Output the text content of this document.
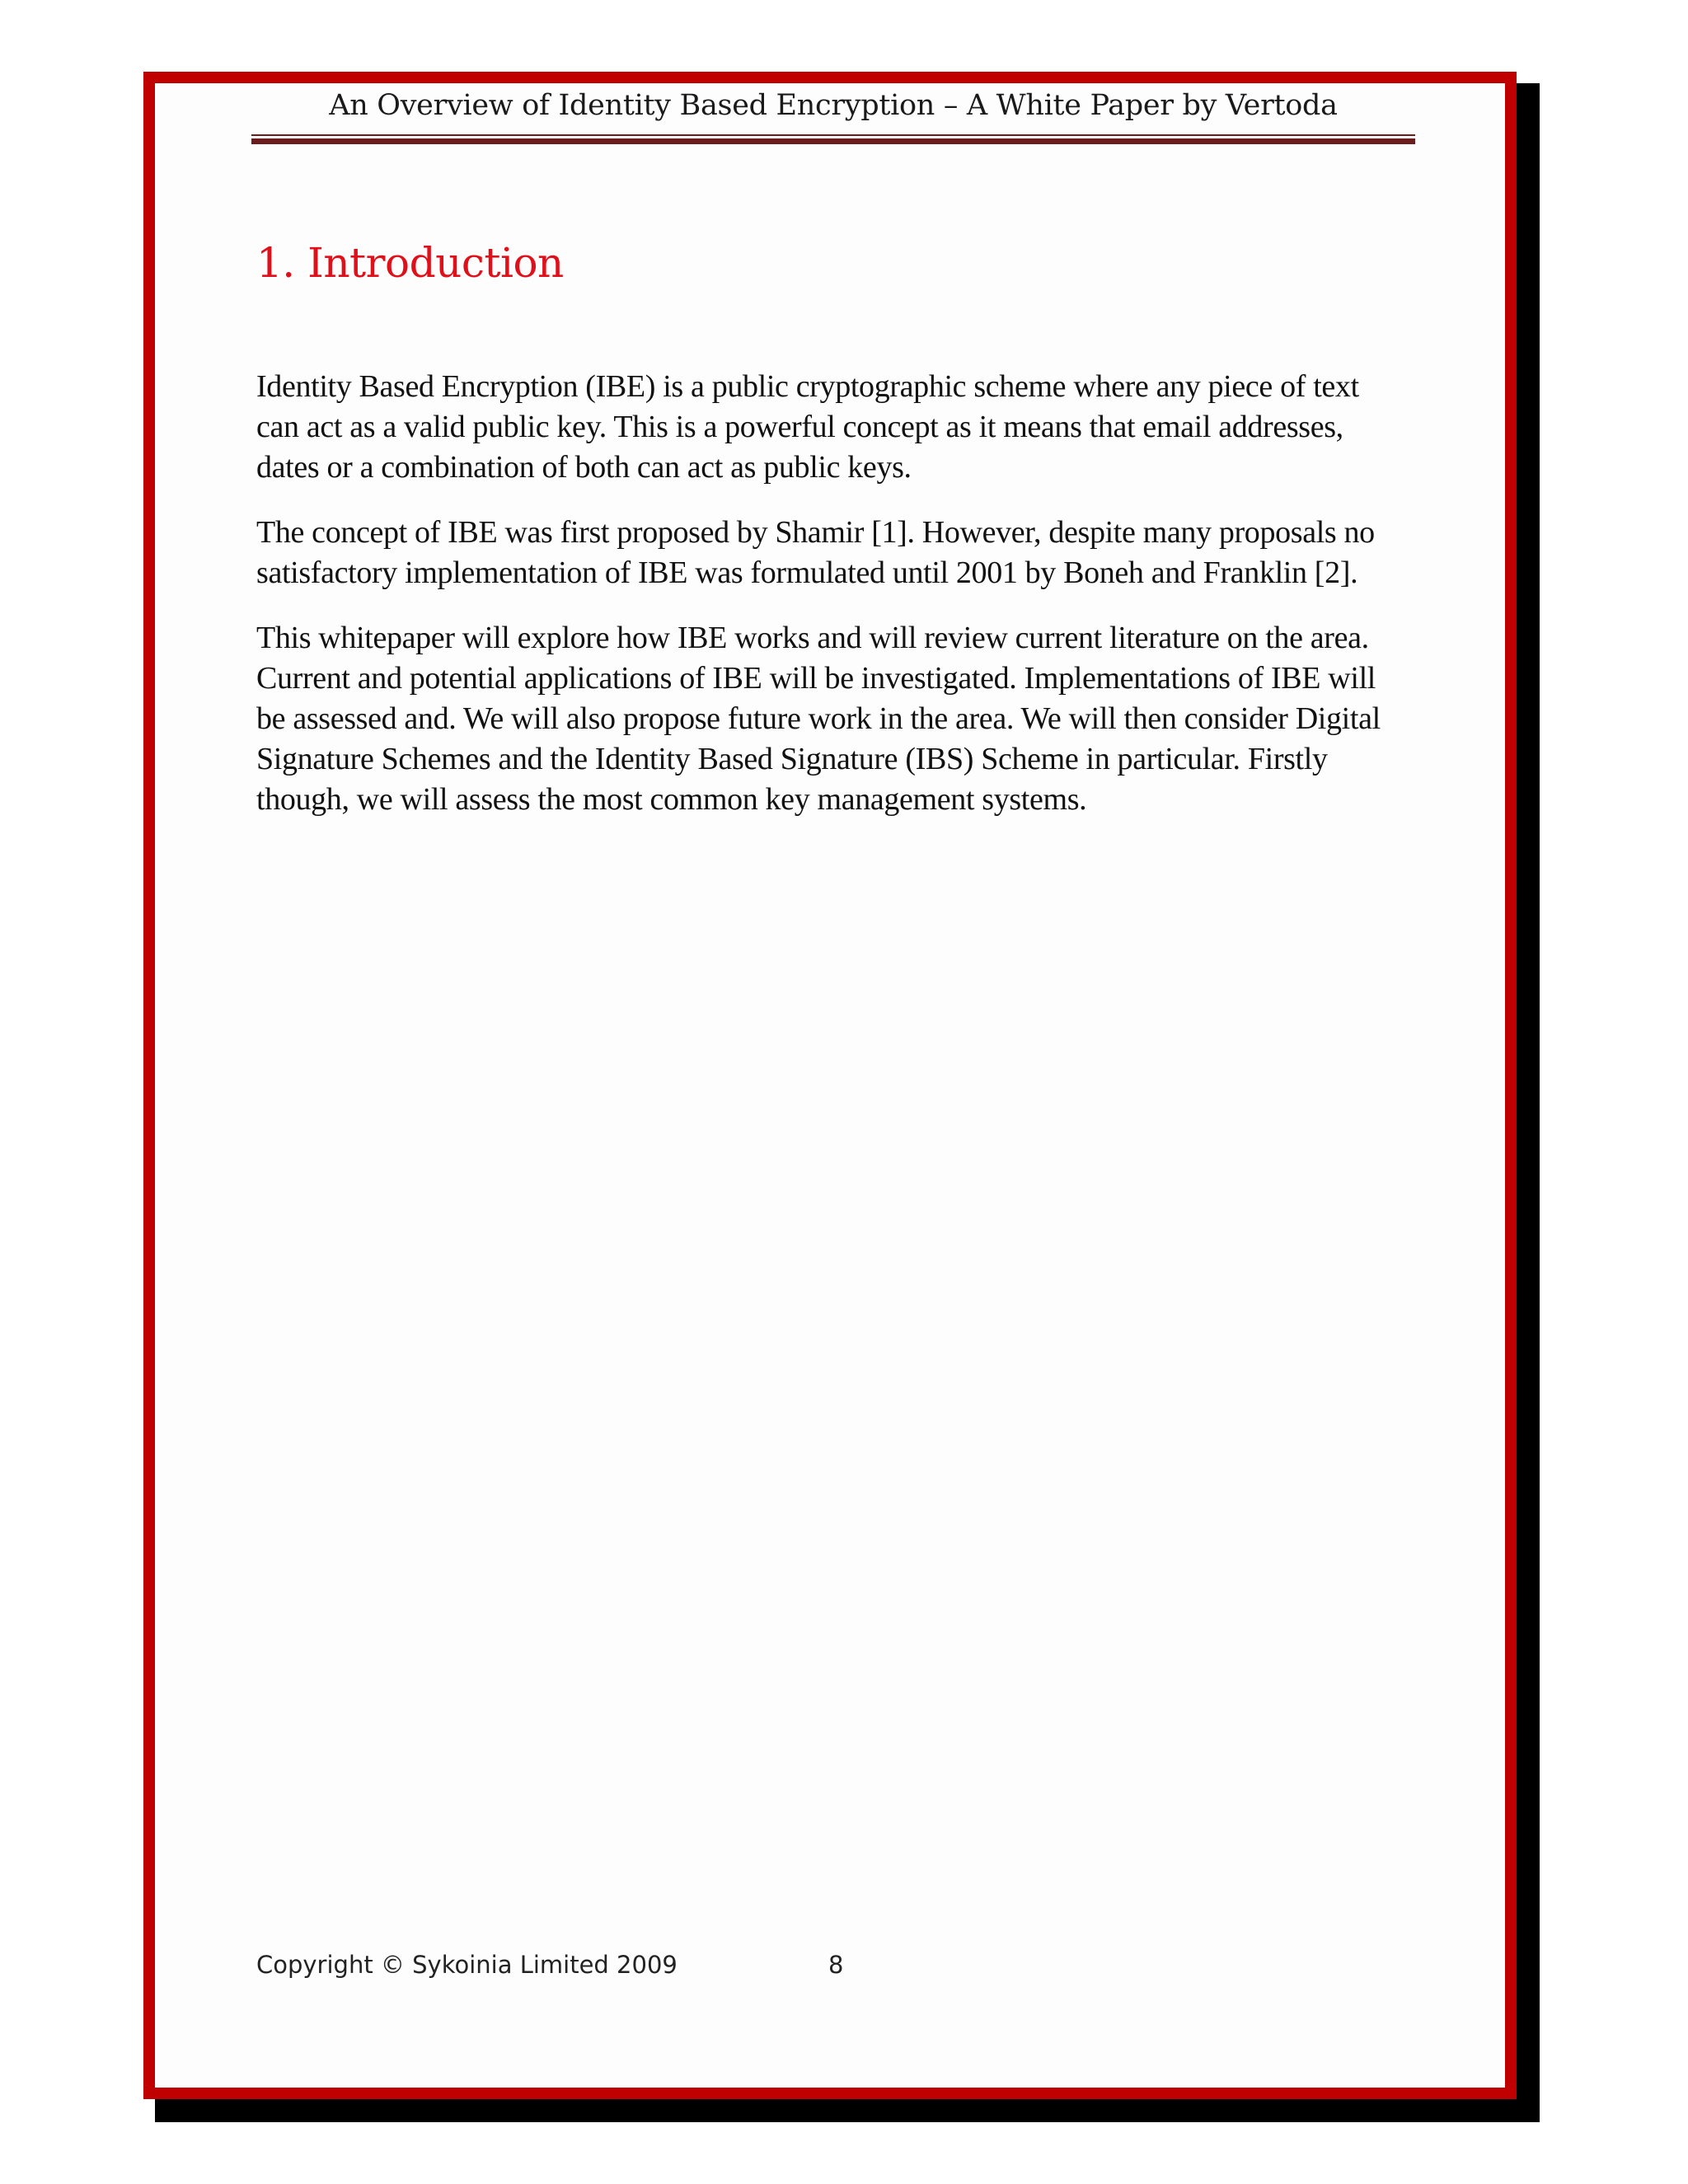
An Overview of Identity Based Encryption – A White Paper by Vertoda
1. Introduction

Identity Based Encryption (IBE) is a public cryptographic scheme where any piece of text can act as a valid public key. This is a powerful concept as it means that email addresses, dates or a combination of both can act as public keys.

The concept of IBE was first proposed by Shamir [1]. However, despite many proposals no satisfactory implementation of IBE was formulated until 2001 by Boneh and Franklin [2].

This whitepaper will explore how IBE works and will review current literature on the area. Current and potential applications of IBE will be investigated. Implementations of IBE will be assessed and. We will also propose future work in the area. We will then consider Digital Signature Schemes and the Identity Based Signature (IBS) Scheme in particular. Firstly though, we will assess the most common key management systems.

Copyright © Sykoinia Limited 2009	8
